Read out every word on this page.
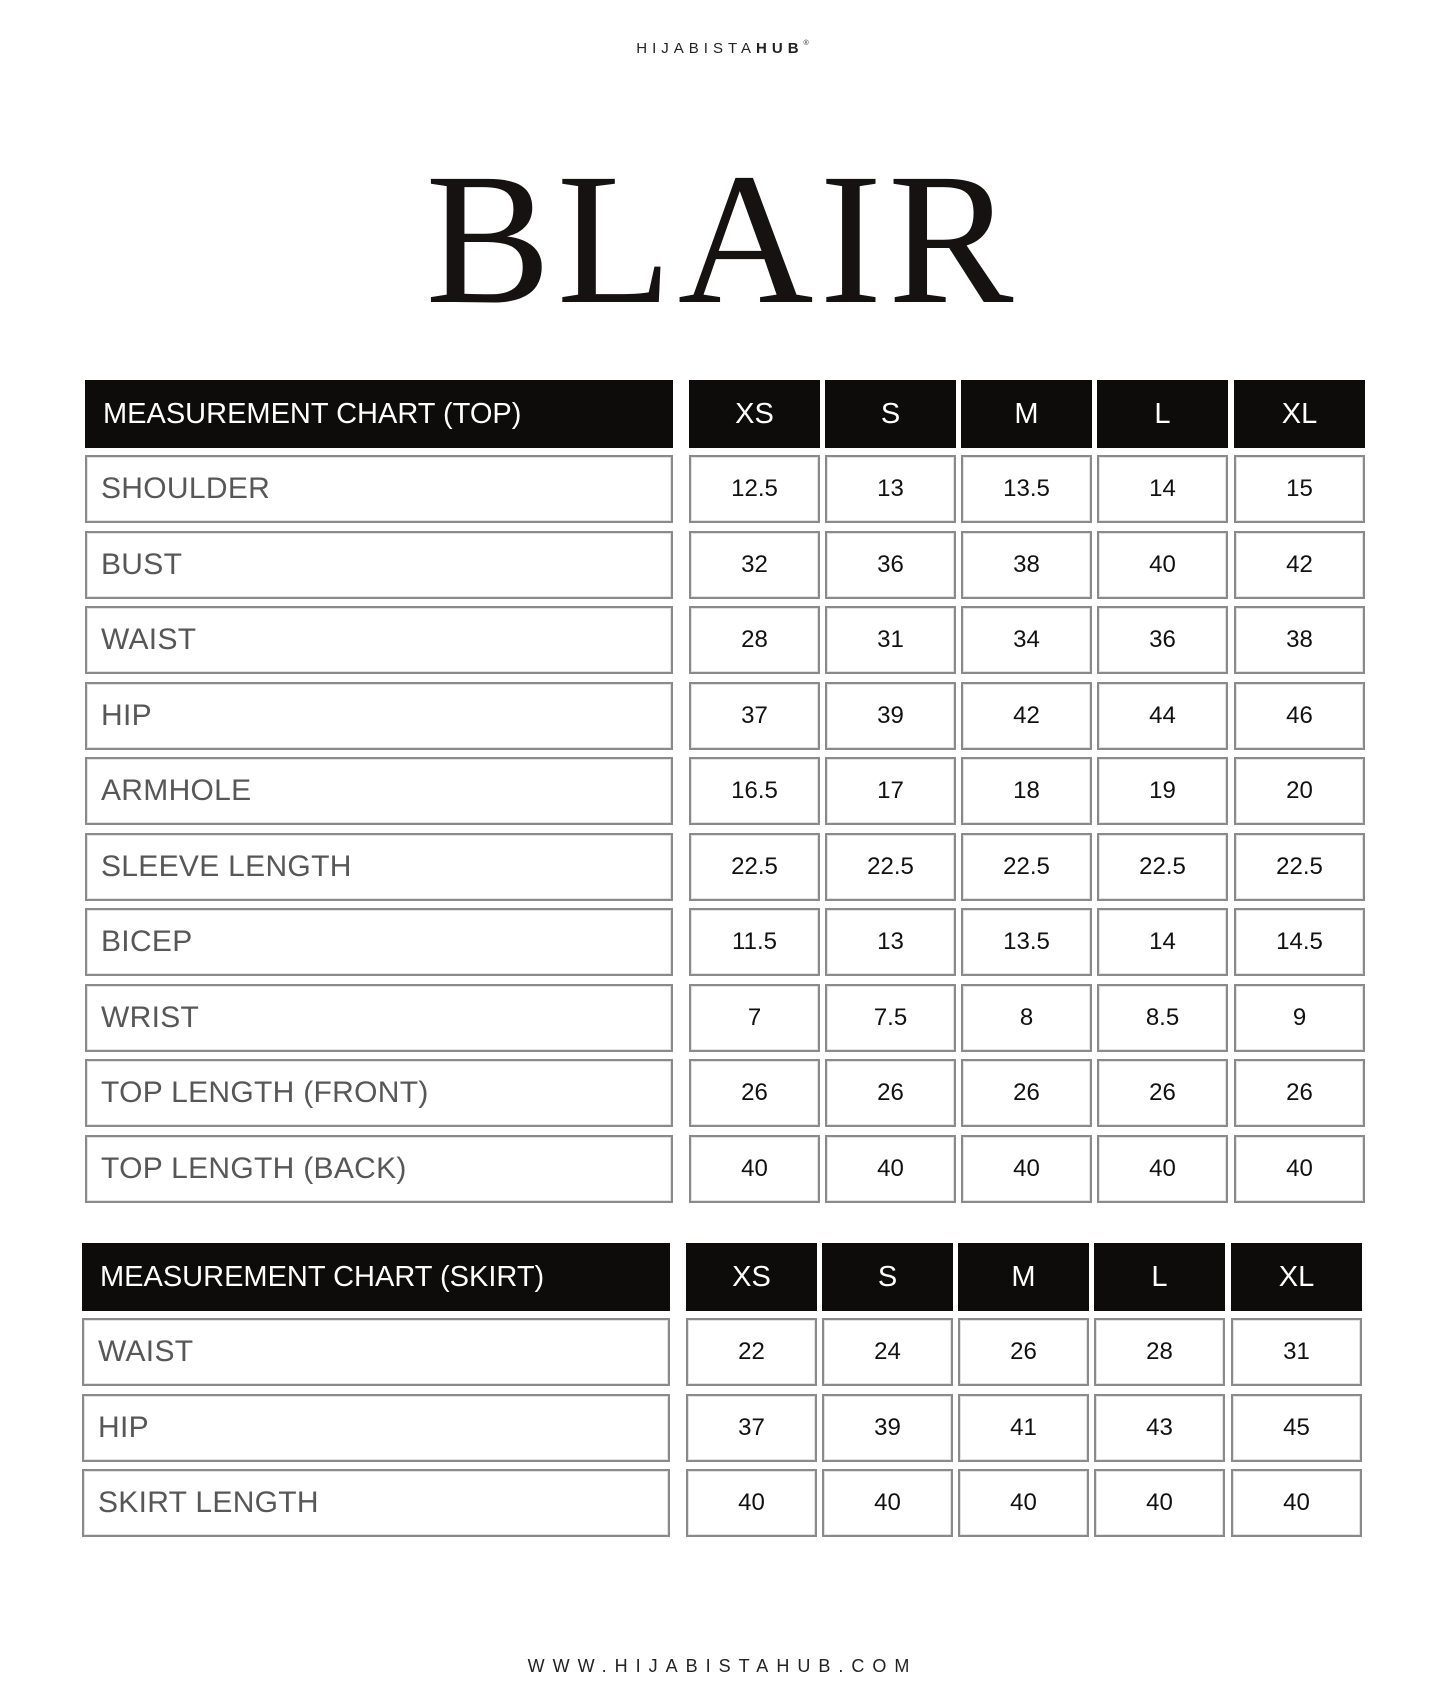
HIJABISTAHUB®
BLAIR
MEASUREMENT CHART (TOP)	XS	S	M	L	XL
SHOULDER	12.5	13	13.5	14	15
BUST	32	36	38	40	42
WAIST	28	31	34	36	38
HIP	37	39	42	44	46
ARMHOLE	16.5	17	18	19	20
SLEEVE LENGTH	22.5	22.5	22.5	22.5	22.5
BICEP	11.5	13	13.5	14	14.5
WRIST	7	7.5	8	8.5	9
TOP LENGTH (FRONT)	26	26	26	26	26
TOP LENGTH (BACK)	40	40	40	40	40
MEASUREMENT CHART (SKIRT)	XS	S	M	L	XL
WAIST	22	24	26	28	31
HIP	37	39	41	43	45
SKIRT LENGTH	40	40	40	40	40
WWW.HIJABISTAHUB.COM
